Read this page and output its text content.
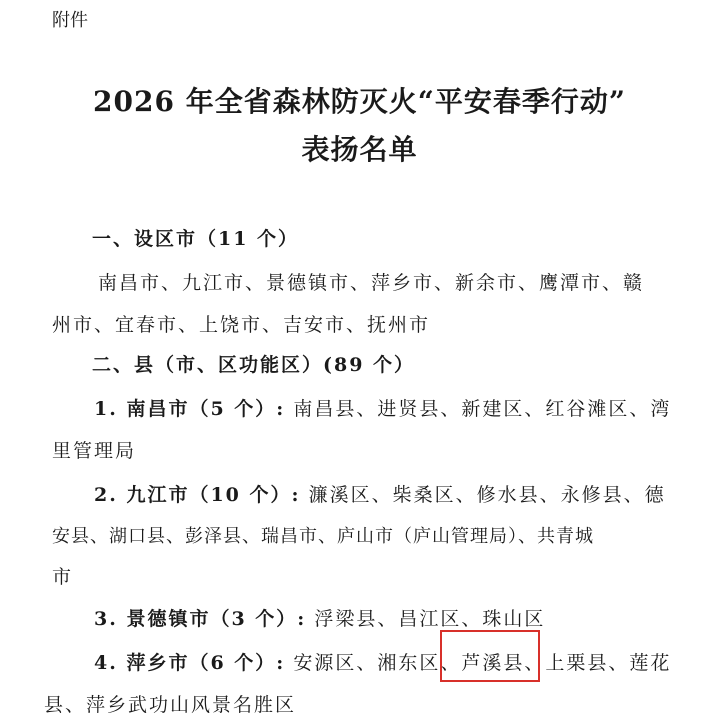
附件
2026 年全省森林防灭火“平安春季行动”
表扬名单
一、设区市（11 个）
南昌市、九江市、景德镇市、萍乡市、新余市、鹰潭市、赣
州市、宜春市、上饶市、吉安市、抚州市
二、县（市、区功能区）(89 个）
1. 南昌市（5 个）: 南昌县、进贤县、新建区、红谷滩区、湾
里管理局
2. 九江市（10 个）: 濂溪区、柴桑区、修水县、永修县、德
安县、湖口县、彭泽县、瑞昌市、庐山市（庐山管理局）、共青城
市
3. 景德镇市（3 个）: 浮梁县、昌江区、珠山区
4. 萍乡市（6 个）: 安源区、湘东区、芦溪县、上栗县、莲花
县、萍乡武功山风景名胜区
